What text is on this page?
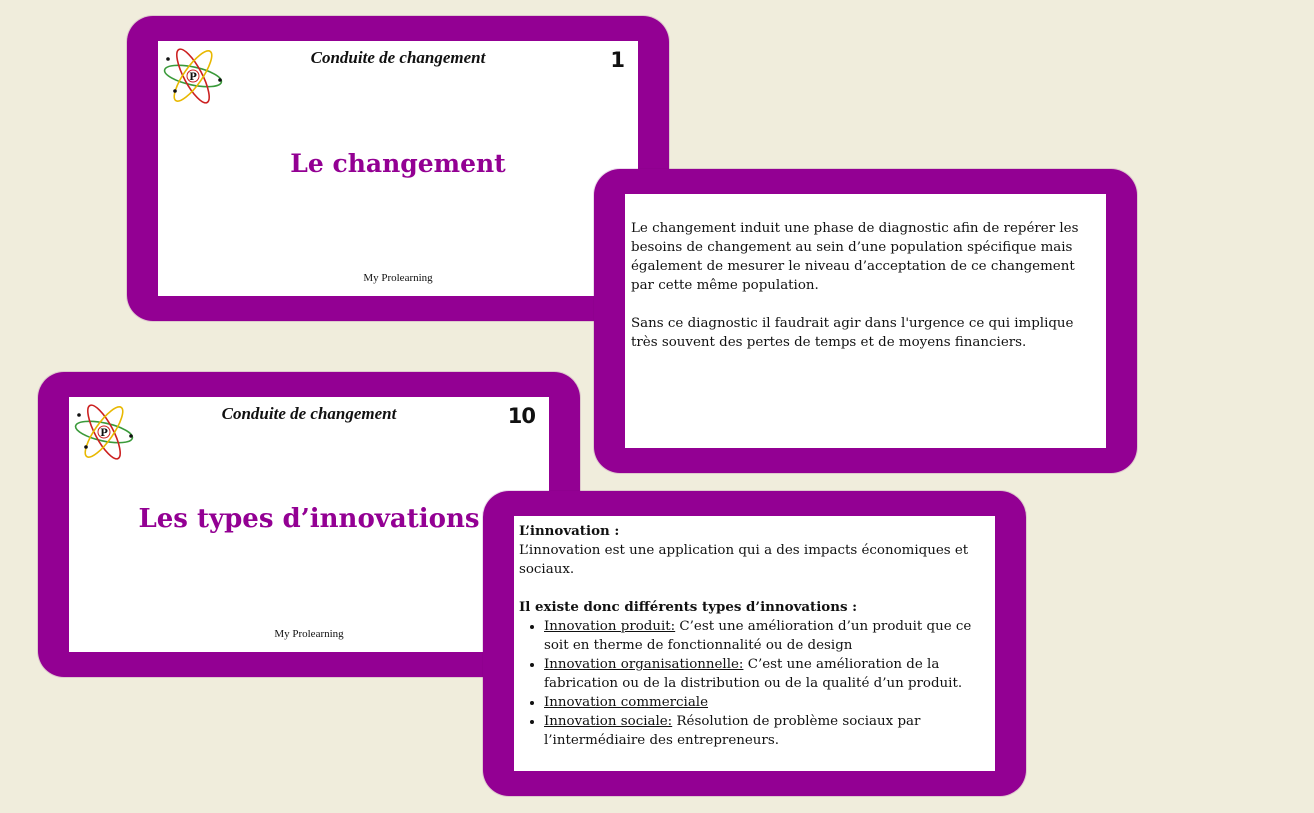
P
Conduite de changement	1
Le changement
My Prolearning

Le changement induit une phase de diagnostic afin de repérer les besoins de changement au sein d’une population spécifique mais également de mesurer le niveau d’acceptation de ce changement par cette même population.

Sans ce diagnostic il faudrait agir dans l'urgence ce qui implique très souvent des pertes de temps et de moyens financiers.

P
Conduite de changement	10
Les types d’innovations
My Prolearning

L’innovation :

L’innovation est une application qui a des impacts économiques et sociaux.

Il existe donc différents types d’innovations :

• Innovation produit: C’est une amélioration d’un produit que ce soit en therme de fonctionnalité ou de design
• Innovation organisationnelle: C’est une amélioration de la fabrication ou de la distribution ou de la qualité d’un produit.
• Innovation commerciale
• Innovation sociale: Résolution de problème sociaux par l’intermédiaire des entrepreneurs.
